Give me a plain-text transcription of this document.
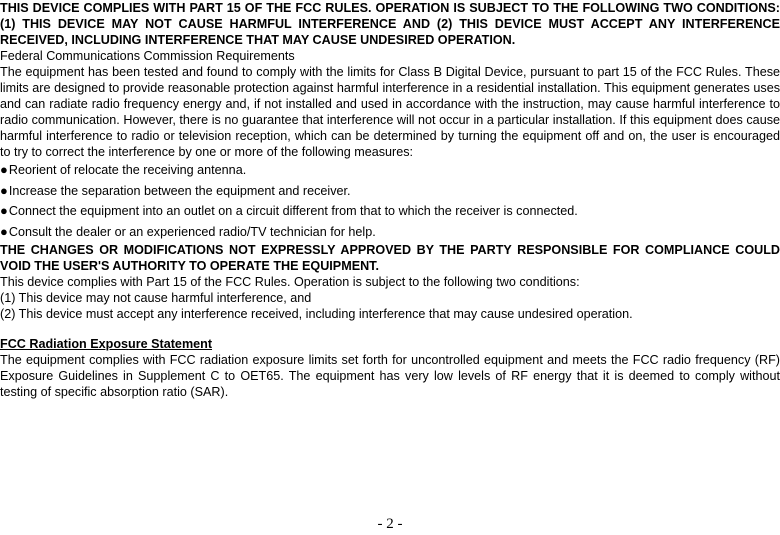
THIS DEVICE COMPLIES WITH PART 15 OF THE FCC RULES. OPERATION IS SUBJECT TO THE FOLLOWING TWO CONDITIONS: (1) THIS DEVICE MAY NOT CAUSE HARMFUL INTERFERENCE AND (2) THIS DEVICE MUST ACCEPT ANY INTERFERENCE RECEIVED, INCLUDING INTERFERENCE THAT MAY CAUSE UNDESIRED OPERATION.

Federal Communications Commission Requirements

The equipment has been tested and found to comply with the limits for Class B Digital Device, pursuant to part 15 of the FCC Rules. These limits are designed to provide reasonable protection against harmful interference in a residential installation. This equipment generates uses and can radiate radio frequency energy and, if not installed and used in accordance with the instruction, may cause harmful interference to radio communication. However, there is no guarantee that interference will not occur in a particular installation. If this equipment does cause harmful interference to radio or television reception, which can be determined by turning the equipment off and on, the user is encouraged to try to correct the interference by one or more of the following measures:

●Reorient of relocate the receiving antenna.

●Increase the separation between the equipment and receiver.

●Connect the equipment into an outlet on a circuit different from that to which the receiver is connected.

●Consult the dealer or an experienced radio/TV technician for help.

THE CHANGES OR MODIFICATIONS NOT EXPRESSLY APPROVED BY THE PARTY RESPONSIBLE FOR COMPLIANCE COULD VOID THE USER'S AUTHORITY TO OPERATE THE EQUIPMENT.

This device complies with Part 15 of the FCC Rules. Operation is subject to the following two conditions:

(1) This device may not cause harmful interference, and

(2) This device must accept any interference received, including interference that may cause undesired operation.

FCC Radiation Exposure Statement

The equipment complies with FCC radiation exposure limits set forth for uncontrolled equipment and meets the FCC radio frequency (RF) Exposure Guidelines in Supplement C to OET65. The equipment has very low levels of RF energy that it is deemed to comply without testing of specific absorption ratio (SAR).

- 2 -
